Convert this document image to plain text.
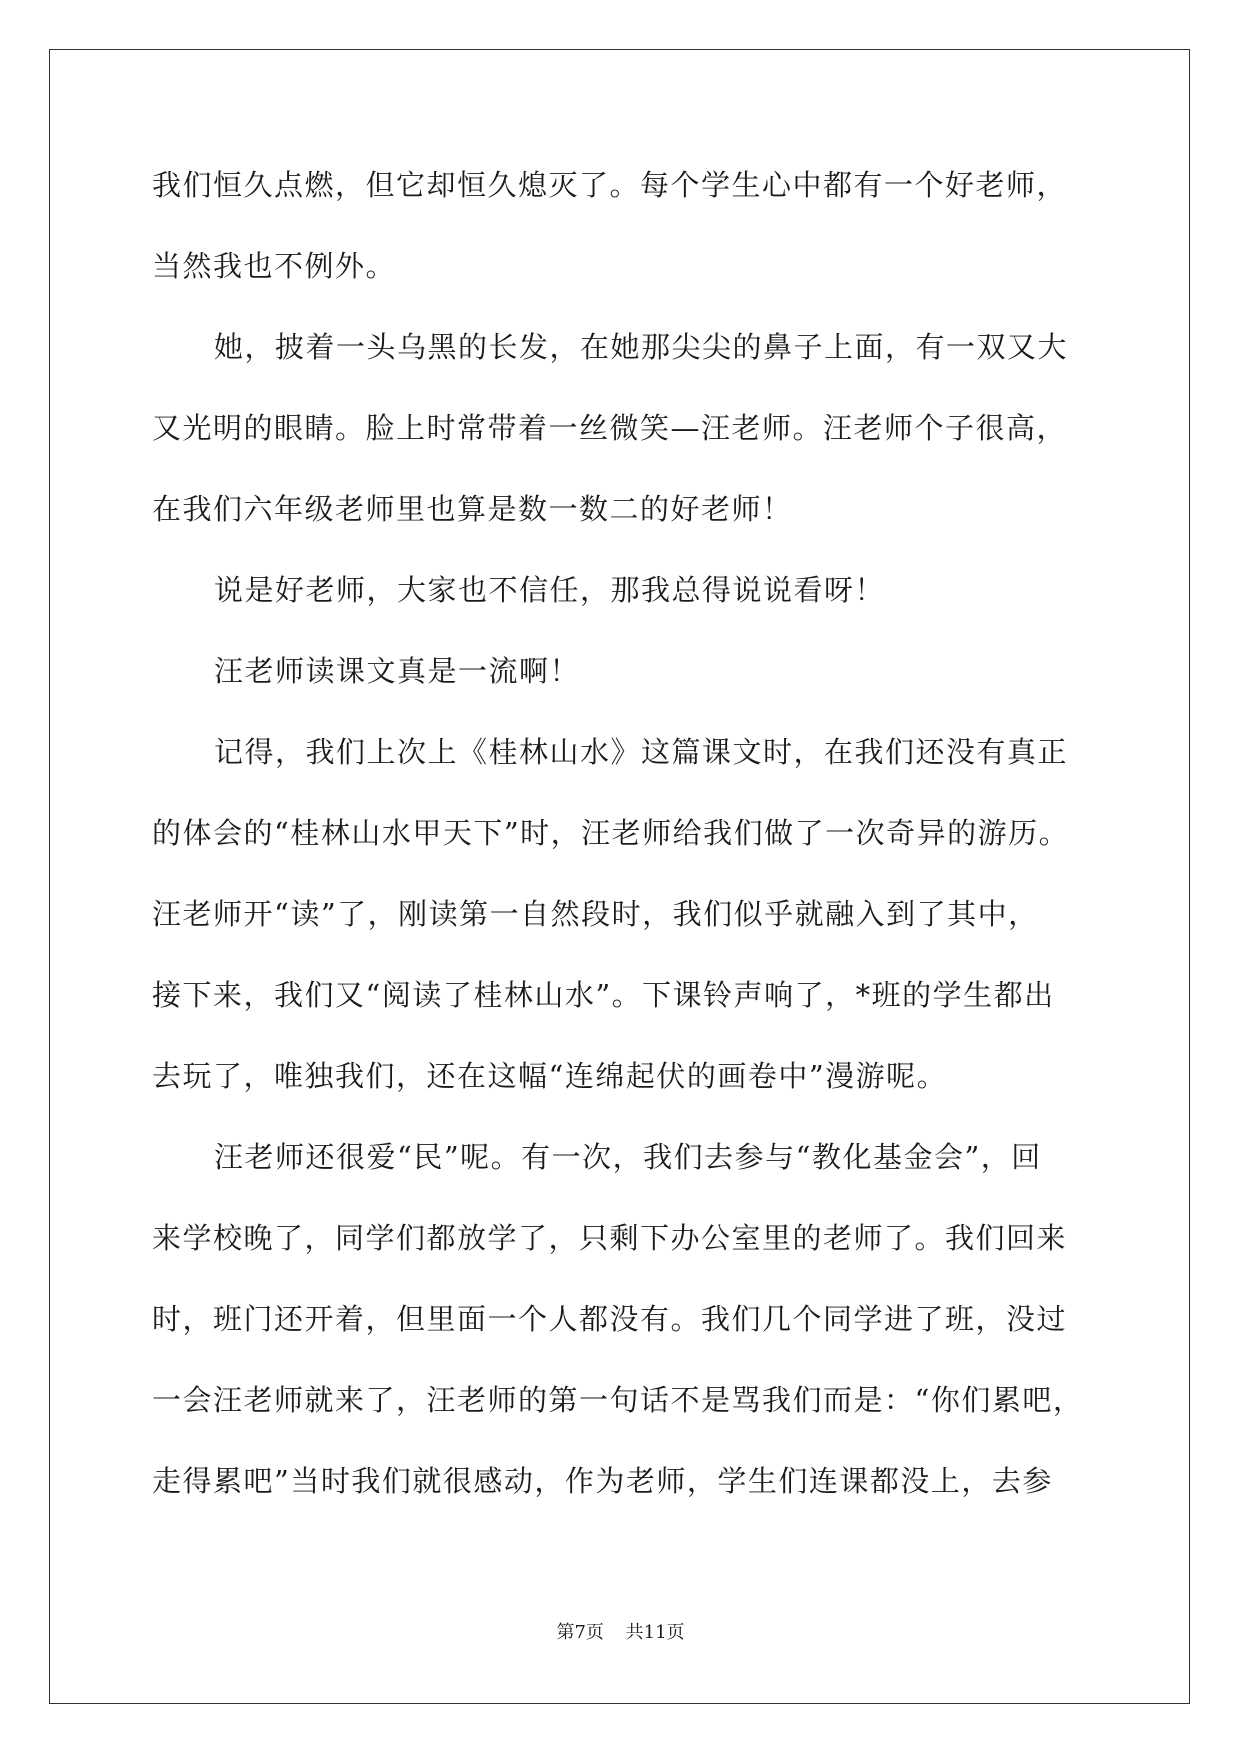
我们恒久点燃，但它却恒久熄灭了。每个学生心中都有一个好老师，
当然我也不例外。
她，披着一头乌黑的长发，在她那尖尖的鼻子上面，有一双又大
又光明的眼睛。脸上时常带着一丝微笑—汪老师。汪老师个子很高，
在我们六年级老师里也算是数一数二的好老师！
说是好老师，大家也不信任，那我总得说说看呀！
汪老师读课文真是一流啊！
记得，我们上次上《桂林山水》这篇课文时，在我们还没有真正
的体会的“桂林山水甲天下”时，汪老师给我们做了一次奇异的游历。
汪老师开“读”了，刚读第一自然段时，我们似乎就融入到了其中，
接下来，我们又“阅读了桂林山水”。下课铃声响了，*班的学生都出
去玩了，唯独我们，还在这幅“连绵起伏的画卷中”漫游呢。
汪老师还很爱“民”呢。有一次，我们去参与“教化基金会”，回
来学校晚了，同学们都放学了，只剩下办公室里的老师了。我们回来
时，班门还开着，但里面一个人都没有。我们几个同学进了班，没过
一会汪老师就来了，汪老师的第一句话不是骂我们而是：“你们累吧，
走得累吧”当时我们就很感动，作为老师，学生们连课都没上，去参
第7页 共11页
